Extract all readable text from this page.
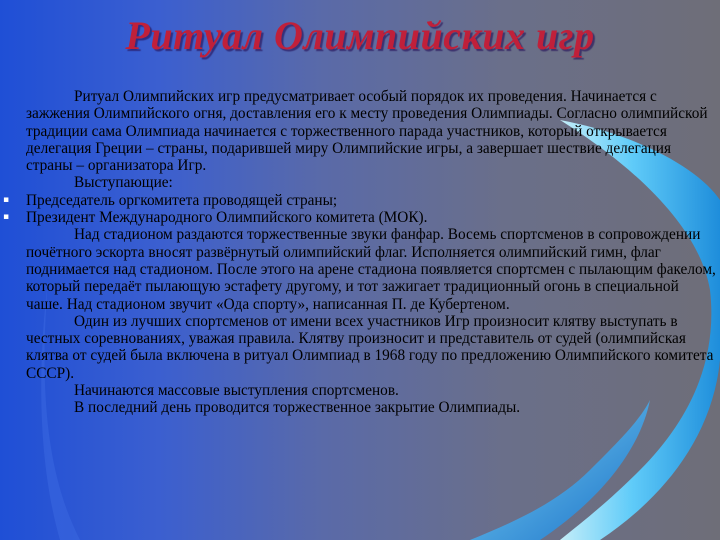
Ритуал Олимпийских игр

Ритуал Олимпийских игр предусматривает особый порядок их проведения. Начинается с зажжения Олимпийского огня, доставления его к месту проведения Олимпиады. Согласно олимпийской традиции сама Олимпиада начинается с торжественного парада участников, который открывается делегация Греции – страны, подарившей миру Олимпийские игры, а завершает шествие делегация страны – организатора Игр.

Выступающие:

▪ Председатель оргкомитета проводящей страны;

▪ Президент Международного Олимпийского комитета (МОК).

Над стадионом раздаются торжественные звуки фанфар. Восемь спортсменов в сопровождении почётного эскорта вносят развёрнутый олимпийский флаг. Исполняется олимпийский гимн, флаг поднимается над стадионом. После этого на арене стадиона появляется спортсмен с пылающим факелом, который передаёт пылающую эстафету другому, и тот зажигает традиционный огонь в специальной чаше. Над стадионом звучит «Ода спорту», написанная П. де Кубертеном.

Один из лучших спортсменов от имени всех участников Игр произносит клятву выступать в честных соревнованиях, уважая правила. Клятву произносит и представитель от судей (олимпийская клятва от судей была включена в ритуал Олимпиад в 1968 году по предложению Олимпийского комитета СССР).

Начинаются массовые выступления спортсменов.

В последний день проводится торжественное закрытие Олимпиады.
